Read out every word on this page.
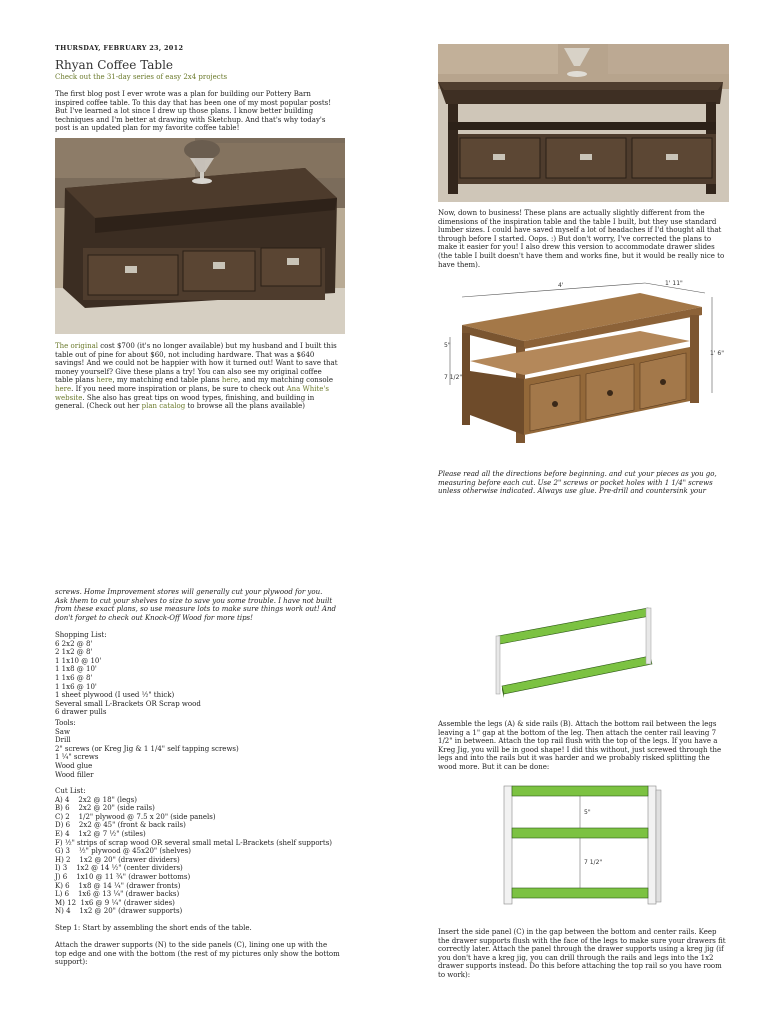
THURSDAY, FEBRUARY 23, 2012
Rhyan Coffee Table
Check out the 31-day series of easy 2x4 projects

The first blog post I ever wrote was a plan for building our Pottery Barn inspired coffee table. To this day that has been one of my most popular posts! But I've learned a lot since I drew up those plans. I know better building techniques and I'm better at drawing with Sketchup. And that's why today's post is an updated plan for my favorite coffee table!

The original cost $700 (it's no longer available) but my husband and I built this table out of pine for about $60, not including hardware. That was a $640 savings! And we could not be happier with how it turned out! Want to save that money yourself? Give these plans a try! You can also see my original coffee table plans here, my matching end table plans here, and my matching console here. If you need more inspiration or plans, be sure to check out Ana White's website. She also has great tips on wood types, finishing, and building in general. (Check out her plan catalog to browse all the plans available)

Now, down to business! These plans are actually slightly different from the dimensions of the inspiration table and the table I built, but they use standard lumber sizes. I could have saved myself a lot of headaches if I'd thought all that through before I started. Oops. :) But don't worry, I've corrected the plans to make it easier for you! I also drew this version to accommodate drawer slides (the table I built doesn't have them and works fine, but it would be really nice to have them).

4'	1' 11"
1' 6"
5"
7 1/2"

Please read all the directions before beginning. and cut your pieces as you go, measuring before each cut. Use 2" screws or pocket holes with 1 1/4" screws unless otherwise indicated. Always use glue. Pre-drill and countersink your

screws. Home Improvement stores will generally cut your plywood for you. Ask them to cut your shelves to size to save you some trouble. I have not built from these exact plans, so use measure lots to make sure things work out! And don't forget to check out Knock-Off Wood for more tips!

Shopping List:
6 2x2 @ 8'
2 1x2 @ 8'
1 1x10 @ 10'
1 1x8 @ 10'
1 1x6 @ 8'
1 1x6 @ 10'
1 sheet plywood (I used ½" thick)
Several small L-Brackets OR Scrap wood
6 drawer pulls
Tools:
Saw
Drill
2" screws (or Kreg Jig & 1 1/4" self tapping screws)
1 ¼" screws
Wood glue
Wood filler
Cut List:
A) 4    2x2 @ 18" (legs)
B) 6    2x2 @ 20" (side rails)
C) 2    1/2" plywood @ 7.5 x 20" (side panels)
D) 6    2x2 @ 45" (front & back rails)
E) 4    1x2 @ 7 ½" (stiles)
F) ½" strips of scrap wood OR several small metal L-Brackets (shelf supports)
G) 3    ½" plywood @ 45x20" (shelves)
H) 2    1x2 @ 20" (drawer dividers)
I) 3    1x2 @ 14 ½" (center dividers)
J) 6    1x10 @ 11 ¾" (drawer bottoms)
K) 6    1x8 @ 14 ¼" (drawer fronts)
L) 6    1x6 @ 13 ¼" (drawer backs)
M) 12  1x6 @ 9 ¼" (drawer sides)
N) 4    1x2 @ 20" (drawer supports)

Step 1: Start by assembling the short ends of the table.

Attach the drawer supports (N) to the side panels (C), lining one up with the top edge and one with the bottom (the rest of my pictures only show the bottom support):

Assemble the legs (A) & side rails (B). Attach the bottom rail between the legs leaving a 1" gap at the bottom of the leg. Then attach the center rail leaving 7 1/2" in between. Attach the top rail flush with the top of the legs. If you have a Kreg Jig, you will be in good shape! I did this without, just screwed through the legs and into the rails but it was harder and we probably risked splitting the wood more. But it can be done:

5"
7 1/2"

Insert the side panel (C) in the gap between the bottom and center rails. Keep the drawer supports flush with the face of the legs to make sure your drawers fit correctly later. Attach the panel through the drawer supports using a kreg jig (if you don't have a kreg jig, you can drill through the rails and legs into the 1x2 drawer supports instead. Do this before attaching the top rail so you have room to work):
